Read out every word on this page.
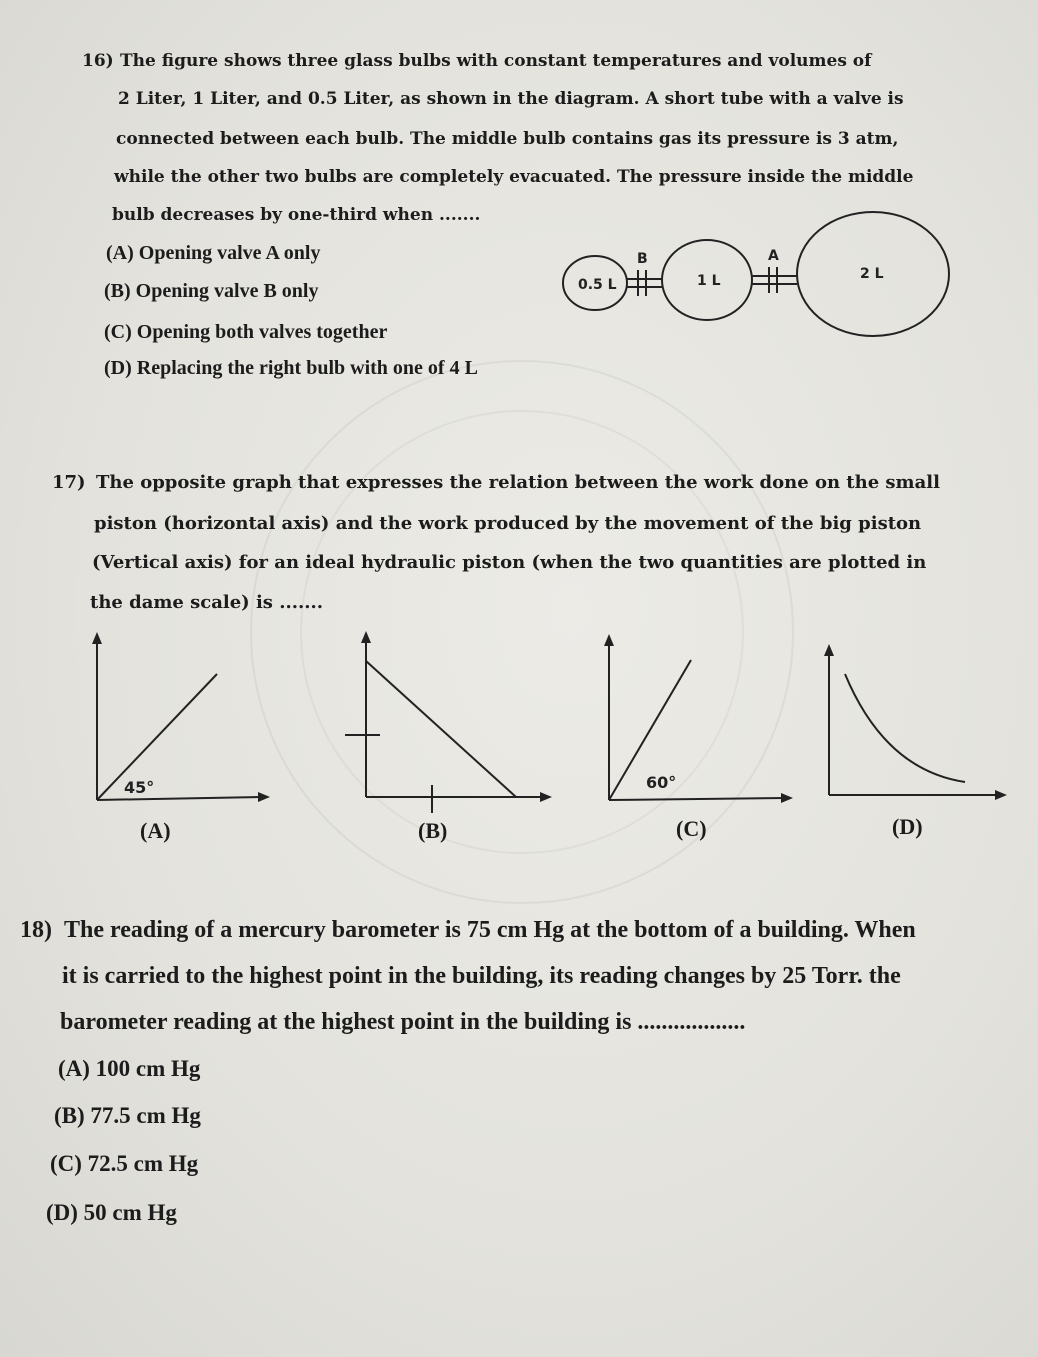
16) The figure shows three glass bulbs with constant temperatures and volumes of
2 Liter, 1 Liter, and 0.5 Liter, as shown in the diagram. A short tube with a valve is
connected between each bulb. The middle bulb contains gas its pressure is 3 atm,
while the other two bulbs are completely evacuated. The pressure inside the middle
bulb decreases by one-third when .......
(A) Opening valve A only
(B) Opening valve B only
(C) Opening both valves together
(D) Replacing the right bulb with one of 4 L
0.5 L	1 L	2 L
B	A
17) The opposite graph that expresses the relation between the work done on the small
piston (horizontal axis) and the work produced by the movement of the big piston
(Vertical axis) for an ideal hydraulic piston (when the two quantities are plotted in
the dame scale) is .......
45°
(A)	(B)
60°
(C)	(D)
18) The reading of a mercury barometer is 75 cm Hg at the bottom of a building. When
it is carried to the highest point in the building, its reading changes by 25 Torr. the
barometer reading at the highest point in the building is ..................
(A) 100 cm Hg
(B) 77.5 cm Hg
(C) 72.5 cm Hg
(D) 50 cm Hg
